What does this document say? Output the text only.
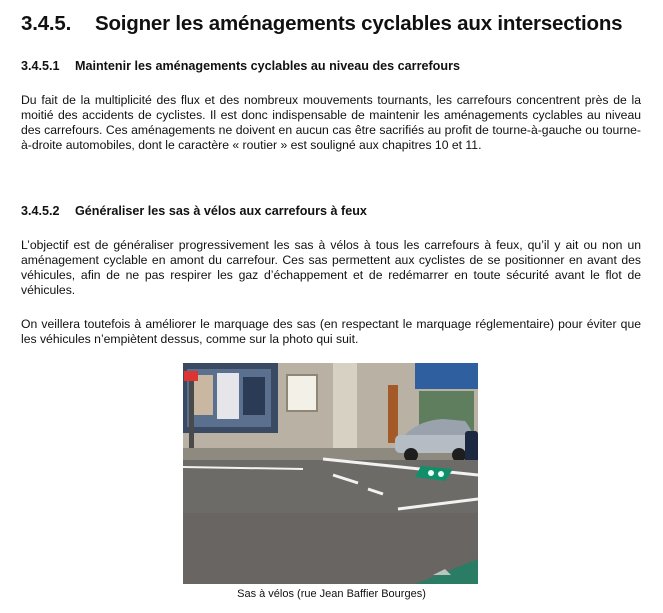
3.4.5. Soigner les aménagements cyclables aux intersections
3.4.5.1 Maintenir les aménagements cyclables au niveau des carrefours

Du fait de la multiplicité des flux et des nombreux mouvements tournants, les carrefours concentrent près de la moitié des accidents de cyclistes. Il est donc indispensable de maintenir les aménagements cyclables au niveau des carrefours. Ces aménagements ne doivent en aucun cas être sacrifiés au profit de tourne-à-gauche ou tourne-à-droite automobiles, dont le caractère « routier » est souligné aux chapitres 10 et 11.

3.4.5.2 Généraliser les sas à vélos aux carrefours à feux

L’objectif est de généraliser progressivement les sas à vélos à tous les carrefours à feux, qu’il y ait ou non un aménagement cyclable en amont du carrefour. Ces sas permettent aux cyclistes de se positionner en avant des véhicules, afin de ne pas respirer les gaz d’échappement et de redémarrer en toute sécurité avant le flot de véhicules.

On veillera toutefois à améliorer le marquage des sas (en respectant le marquage réglementaire) pour éviter que les véhicules n’empiètent dessus, comme sur la photo qui suit.

Sas à vélos (rue Jean Baffier Bourges)
